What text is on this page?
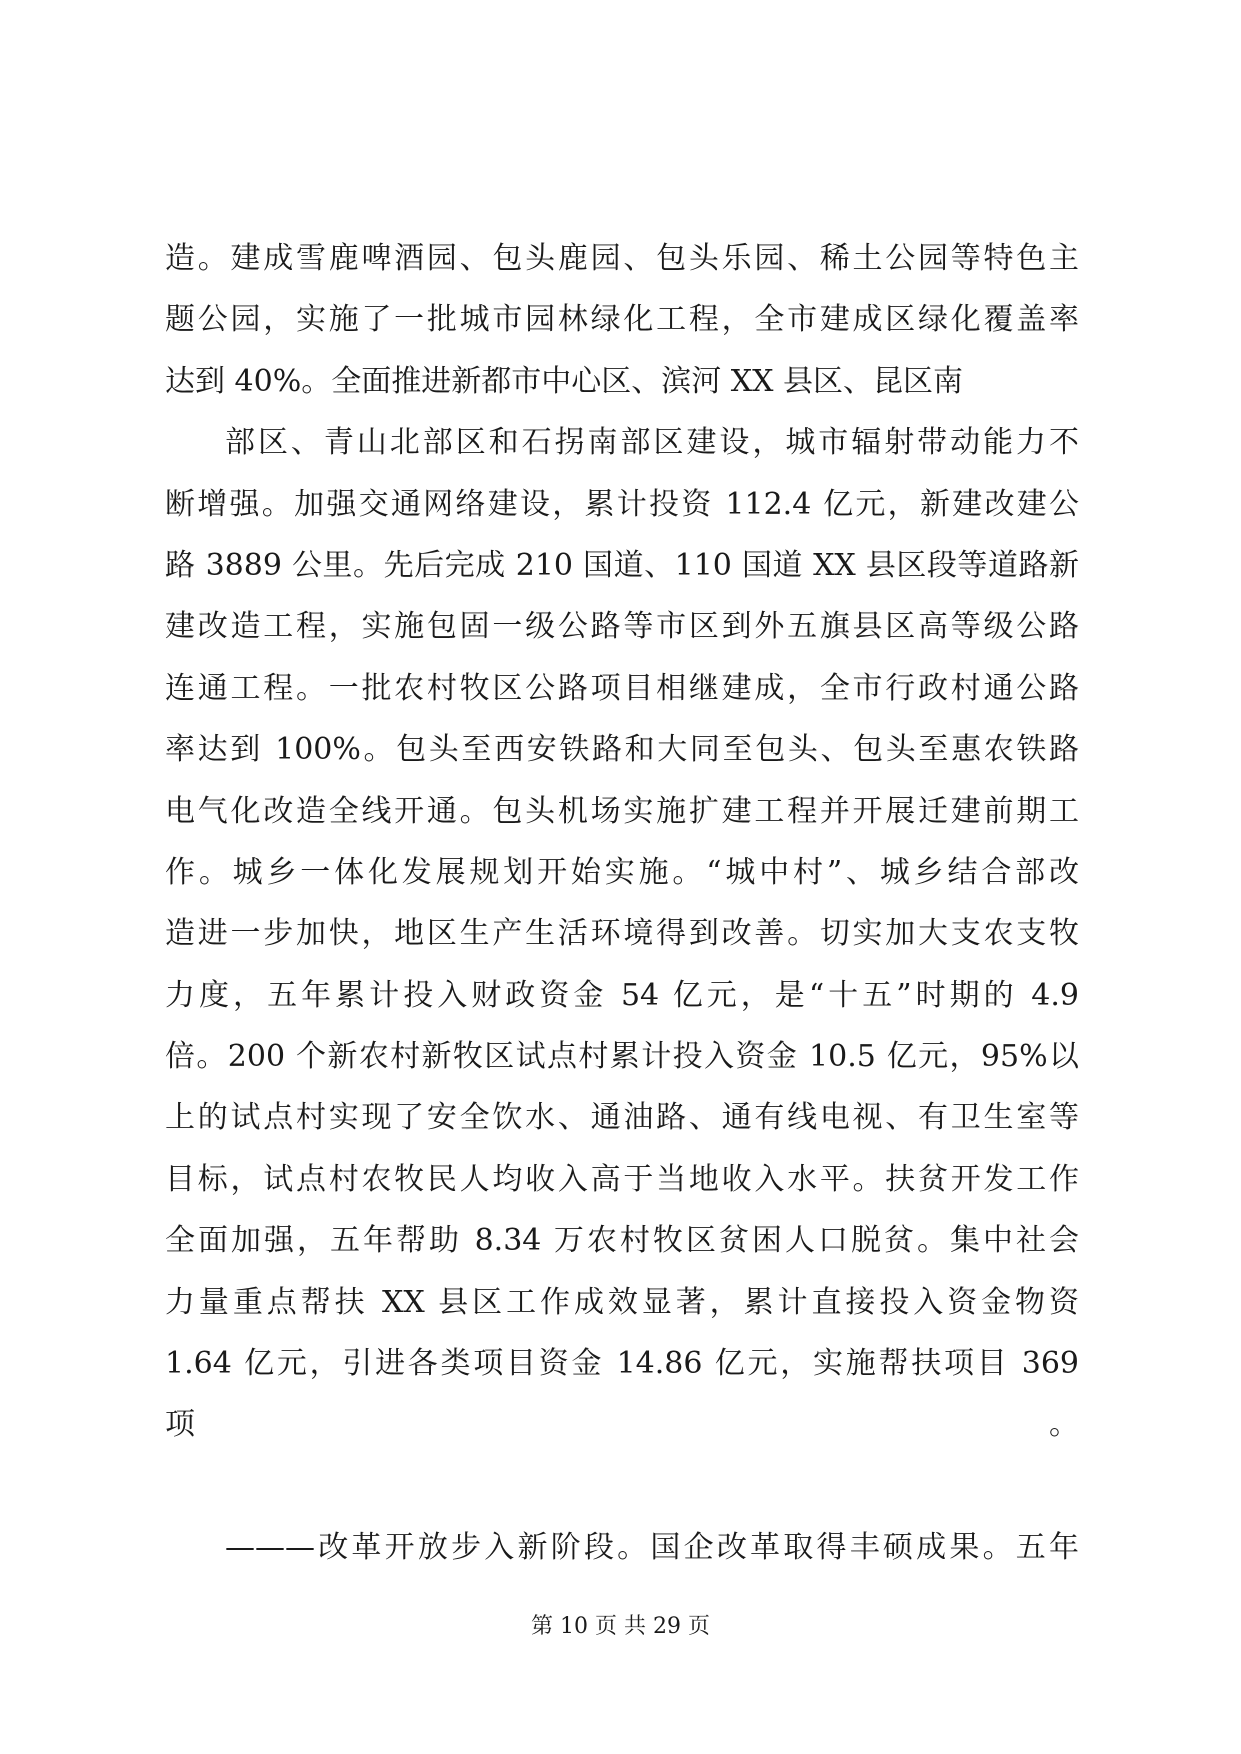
造。建成雪鹿啤酒园、包头鹿园、包头乐园、稀土公园等特色主
题公园，实施了一批城市园林绿化工程，全市建成区绿化覆盖率
达到 40%。全面推进新都市中心区、滨河 XX 县区、昆区南
部区、青山北部区和石拐南部区建设，城市辐射带动能力不
断增强。加强交通网络建设，累计投资 112.4 亿元，新建改建公
路 3889 公里。先后完成 210 国道、110 国道 XX 县区段等道路新
建改造工程，实施包固一级公路等市区到外五旗县区高等级公路
连通工程。一批农村牧区公路项目相继建成，全市行政村通公路
率达到 100%。包头至西安铁路和大同至包头、包头至惠农铁路
电气化改造全线开通。包头机场实施扩建工程并开展迁建前期工
作。城乡一体化发展规划开始实施。“城中村”、城乡结合部改
造进一步加快，地区生产生活环境得到改善。切实加大支农支牧
力度，五年累计投入财政资金 54 亿元，是“十五”时期的 4.9
倍。200 个新农村新牧区试点村累计投入资金 10.5 亿元，95%以
上的试点村实现了安全饮水、通油路、通有线电视、有卫生室等
目标，试点村农牧民人均收入高于当地收入水平。扶贫开发工作
全面加强，五年帮助 8.34 万农村牧区贫困人口脱贫。集中社会
力量重点帮扶 XX 县区工作成效显著，累计直接投入资金物资
1.64 亿元，引进各类项目资金 14.86 亿元，实施帮扶项目 369
项。
———改革开放步入新阶段。国企改革取得丰硕成果。五年
第 10 页 共 29 页
